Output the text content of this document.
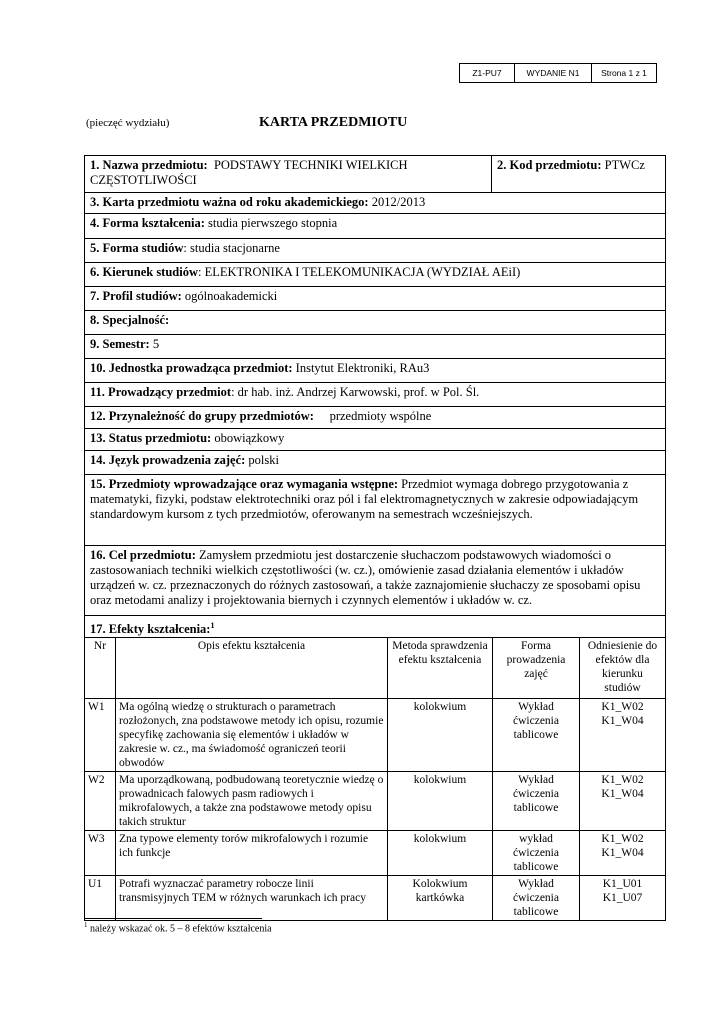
Z1-PU7	WYDANIE N1	Strona 1 z 1
(pieczęć wydziału)	KARTA PRZEDMIOTU
1. Nazwa przedmiotu: PODSTAWY TECHNIKI WIELKICH CZĘSTOTLIWOŚCI
2. Kod przedmiotu: PTWCz
3. Karta przedmiotu ważna od roku akademickiego: 2012/2013
4. Forma kształcenia: studia pierwszego stopnia
5. Forma studiów: studia stacjonarne
6. Kierunek studiów: ELEKTRONIKA I TELEKOMUNIKACJA (WYDZIAŁ AEiI)
7. Profil studiów: ogólnoakademicki
8. Specjalność:
9. Semestr: 5
10. Jednostka prowadząca przedmiot: Instytut Elektroniki, RAu3
11. Prowadzący przedmiot: dr hab. inż. Andrzej Karwowski, prof. w Pol. Śl.
12. Przynależność do grupy przedmiotów: przedmioty wspólne
13. Status przedmiotu: obowiązkowy
14. Język prowadzenia zajęć: polski
15. Przedmioty wprowadzające oraz wymagania wstępne: Przedmiot wymaga dobrego przygotowania z matematyki, fizyki, podstaw elektrotechniki oraz pól i fal elektromagnetycznych w zakresie odpowiadającym standardowym kursom z tych przedmiotów, oferowanym na semestrach wcześniejszych.
16. Cel przedmiotu: Zamysłem przedmiotu jest dostarczenie słuchaczom podstawowych wiadomości o zastosowaniach techniki wielkich częstotliwości (w. cz.), omówienie zasad działania elementów i układów urządzeń w. cz. przeznaczonych do różnych zastosowań, a także zaznajomienie słuchaczy ze sposobami opisu oraz metodami analizy i projektowania biernych i czynnych elementów i układów w. cz.
17. Efekty kształcenia:$^1$
Nr	Opis efektu kształcenia	Metoda sprawdzenia efektu kształcenia	Forma prowadzenia zajęć	Odniesienie do efektów dla kierunku studiów
W1	Ma ogólną wiedzę o strukturach o parametrach rozłożonych, zna podstawowe metody ich opisu, rozumie specyfikę zachowania się elementów i układów w zakresie w. cz., ma świadomość ograniczeń teorii obwodów	kolokwium	Wykład ćwiczenia tablicowe	K1_W02 K1_W04
W2	Ma uporządkowaną, podbudowaną teoretycznie wiedzę o prowadnicach falowych pasm radiowych i mikrofalowych, a także zna podstawowe metody opisu takich struktur	kolokwium	Wykład ćwiczenia tablicowe	K1_W02 K1_W04
W3	Zna typowe elementy torów mikrofalowych i rozumie ich funkcje	kolokwium	wykład ćwiczenia tablicowe	K1_W02 K1_W04
U1	Potrafi wyznaczać parametry robocze linii transmisyjnych TEM w różnych warunkach ich pracy	Kolokwium kartkówka	Wykład ćwiczenia tablicowe	K1_U01 K1_U07
$^1$ należy wskazać ok. 5 – 8 efektów kształcenia
